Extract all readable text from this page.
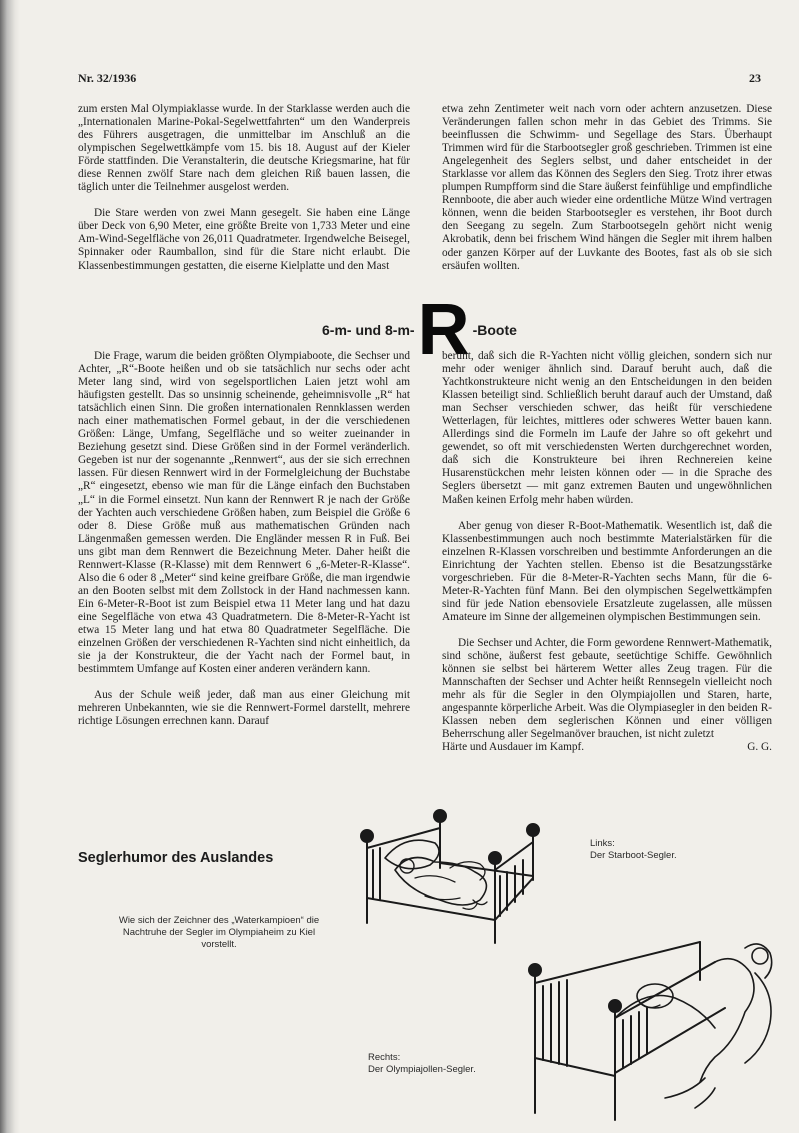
Nr. 32/1936	23

zum ersten Mal Olympiaklasse wurde. In der Starklasse werden auch die „Internationalen Marine-Pokal-Segelwettfahrten“ um den Wanderpreis des Führers ausgetragen, die unmittelbar im Anschluß an die olympischen Segelwettkämpfe vom 15. bis 18. August auf der Kieler Förde stattfinden. Die Veranstalterin, die deutsche Kriegsmarine, hat für diese Rennen zwölf Stare nach dem gleichen Riß bauen lassen, die täglich unter die Teilnehmer ausgelost werden.

Die Stare werden von zwei Mann gesegelt. Sie haben eine Länge über Deck von 6,90 Meter, eine größte Breite von 1,733 Meter und eine Am-Wind-Segelfläche von 26,011 Quadratmeter. Irgendwelche Beisegel, Spinnaker oder Raumballon, sind für die Stare nicht erlaubt. Die Klassenbestimmungen gestatten, die eiserne Kielplatte und den Mast

etwa zehn Zentimeter weit nach vorn oder achtern anzusetzen. Diese Veränderungen fallen schon mehr in das Gebiet des Trimms. Sie beeinflussen die Schwimm- und Segellage des Stars. Überhaupt Trimmen wird für die Starbootsegler groß geschrieben. Trimmen ist eine Angelegenheit des Seglers selbst, und daher entscheidet in der Starklasse vor allem das Können des Seglers den Sieg. Trotz ihrer etwas plumpen Rumpfform sind die Stare äußerst feinfühlige und empfindliche Rennboote, die aber auch wieder eine ordentliche Mütze Wind vertragen können, wenn die beiden Starbootsegler es verstehen, ihr Boot durch den Seegang zu segeln. Zum Starbootsegeln gehört nicht wenig Akrobatik, denn bei frischem Wind hängen die Segler mit ihrem halben oder ganzen Körper auf der Luvkante des Bootes, fast als ob sie sich ersäufen wollten.

6-m- und 8-m- R -Boote

Die Frage, warum die beiden größten Olympiaboote, die Sechser und Achter, „R“-Boote heißen und ob sie tatsächlich nur sechs oder acht Meter lang sind, wird von segelsportlichen Laien jetzt wohl am häufigsten gestellt. Das so unsinnig scheinende, geheimnisvolle „R“ hat tatsächlich einen Sinn. Die großen internationalen Rennklassen werden nach einer mathematischen Formel gebaut, in der die verschiedenen Größen: Länge, Umfang, Segelfläche und so weiter zueinander in Beziehung gesetzt sind. Diese Größen sind in der Formel veränderlich. Gegeben ist nur der sogenannte „Rennwert“, aus der sie sich errechnen lassen. Für diesen Rennwert wird in der Formelgleichung der Buchstabe „R“ eingesetzt, ebenso wie man für die Länge einfach den Buchstaben „L“ in die Formel einsetzt. Nun kann der Rennwert R je nach der Größe der Yachten auch verschiedene Größen haben, zum Beispiel die Größe 6 oder 8. Diese Größe muß aus mathematischen Gründen nach Längenmaßen gemessen werden. Die Engländer messen R in Fuß. Bei uns gibt man dem Rennwert die Bezeichnung Meter. Daher heißt die Rennwert-Klasse (R-Klasse) mit dem Rennwert 6 „6-Meter-R-Klasse“. Also die 6 oder 8 „Meter“ sind keine greifbare Größe, die man irgendwie an den Booten selbst mit dem Zollstock in der Hand nachmessen kann. Ein 6-Meter-R-Boot ist zum Beispiel etwa 11 Meter lang und hat dazu eine Segelfläche von etwa 43 Quadratmetern. Die 8-Meter-R-Yacht ist etwa 15 Meter lang und hat etwa 80 Quadratmeter Segelfläche. Die einzelnen Größen der verschiedenen R-Yachten sind nicht einheitlich, da sie ja der Konstrukteur, die der Yacht nach der Formel baut, in bestimmtem Umfange auf Kosten einer anderen verändern kann.

Aus der Schule weiß jeder, daß man aus einer Gleichung mit mehreren Unbekannten, wie sie die Rennwert-Formel darstellt, mehrere richtige Lösungen errechnen kann. Darauf

beruht, daß sich die R-Yachten nicht völlig gleichen, sondern sich nur mehr oder weniger ähnlich sind. Darauf beruht auch, daß die Yachtkonstrukteure nicht wenig an den Entscheidungen in den beiden Klassen beteiligt sind. Schließlich beruht darauf auch der Umstand, daß man Sechser verschieden schwer, das heißt für verschiedene Wetterlagen, für leichtes, mittleres oder schweres Wetter bauen kann. Allerdings sind die Formeln im Laufe der Jahre so oft gekehrt und gewendet, so oft mit verschiedensten Werten durchgerechnet worden, daß sich die Konstrukteure bei ihren Rechnereien keine Husarenstückchen mehr leisten können oder — in die Sprache des Seglers übersetzt — mit ganz extremen Bauten und ungewöhnlichen Maßen keinen Erfolg mehr haben würden.

Aber genug von dieser R-Boot-Mathematik. Wesentlich ist, daß die Klassenbestimmungen auch noch bestimmte Materialstärken für die einzelnen R-Klassen vorschreiben und bestimmte Anforderungen an die Einrichtung der Yachten stellen. Ebenso ist die Besatzungsstärke vorgeschrieben. Für die 8-Meter-R-Yachten sechs Mann, für die 6-Meter-R-Yachten fünf Mann. Bei den olympischen Segelwettkämpfen sind für jede Nation ebensoviele Ersatzleute zugelassen, alle müssen Amateure im Sinne der allgemeinen olympischen Bestimmungen sein.

Die Sechser und Achter, die Form gewordene Rennwert-Mathematik, sind schöne, äußerst fest gebaute, seetüchtige Schiffe. Gewöhnlich können sie selbst bei härterem Wetter alles Zeug tragen. Für die Mannschaften der Sechser und Achter heißt Rennsegeln vielleicht noch mehr als für die Segler in den Olympiajollen und Staren, harte, angespannte körperliche Arbeit. Was die Olympiasegler in den beiden R-Klassen neben dem seglerischen Können und einer völligen Beherrschung aller Segelmanöver brauchen, ist nicht zuletzt

Härte und Ausdauer im Kampf.	G. G.
Seglerhumor des Auslandes
Wie sich der Zeichner des „Waterkampioen“ die
Nachtruhe der Segler im Olympiaheim zu Kiel
vorstellt.
Links:
Der Starboot-Segler.
Rechts:
Der Olympiajollen-Segler.
